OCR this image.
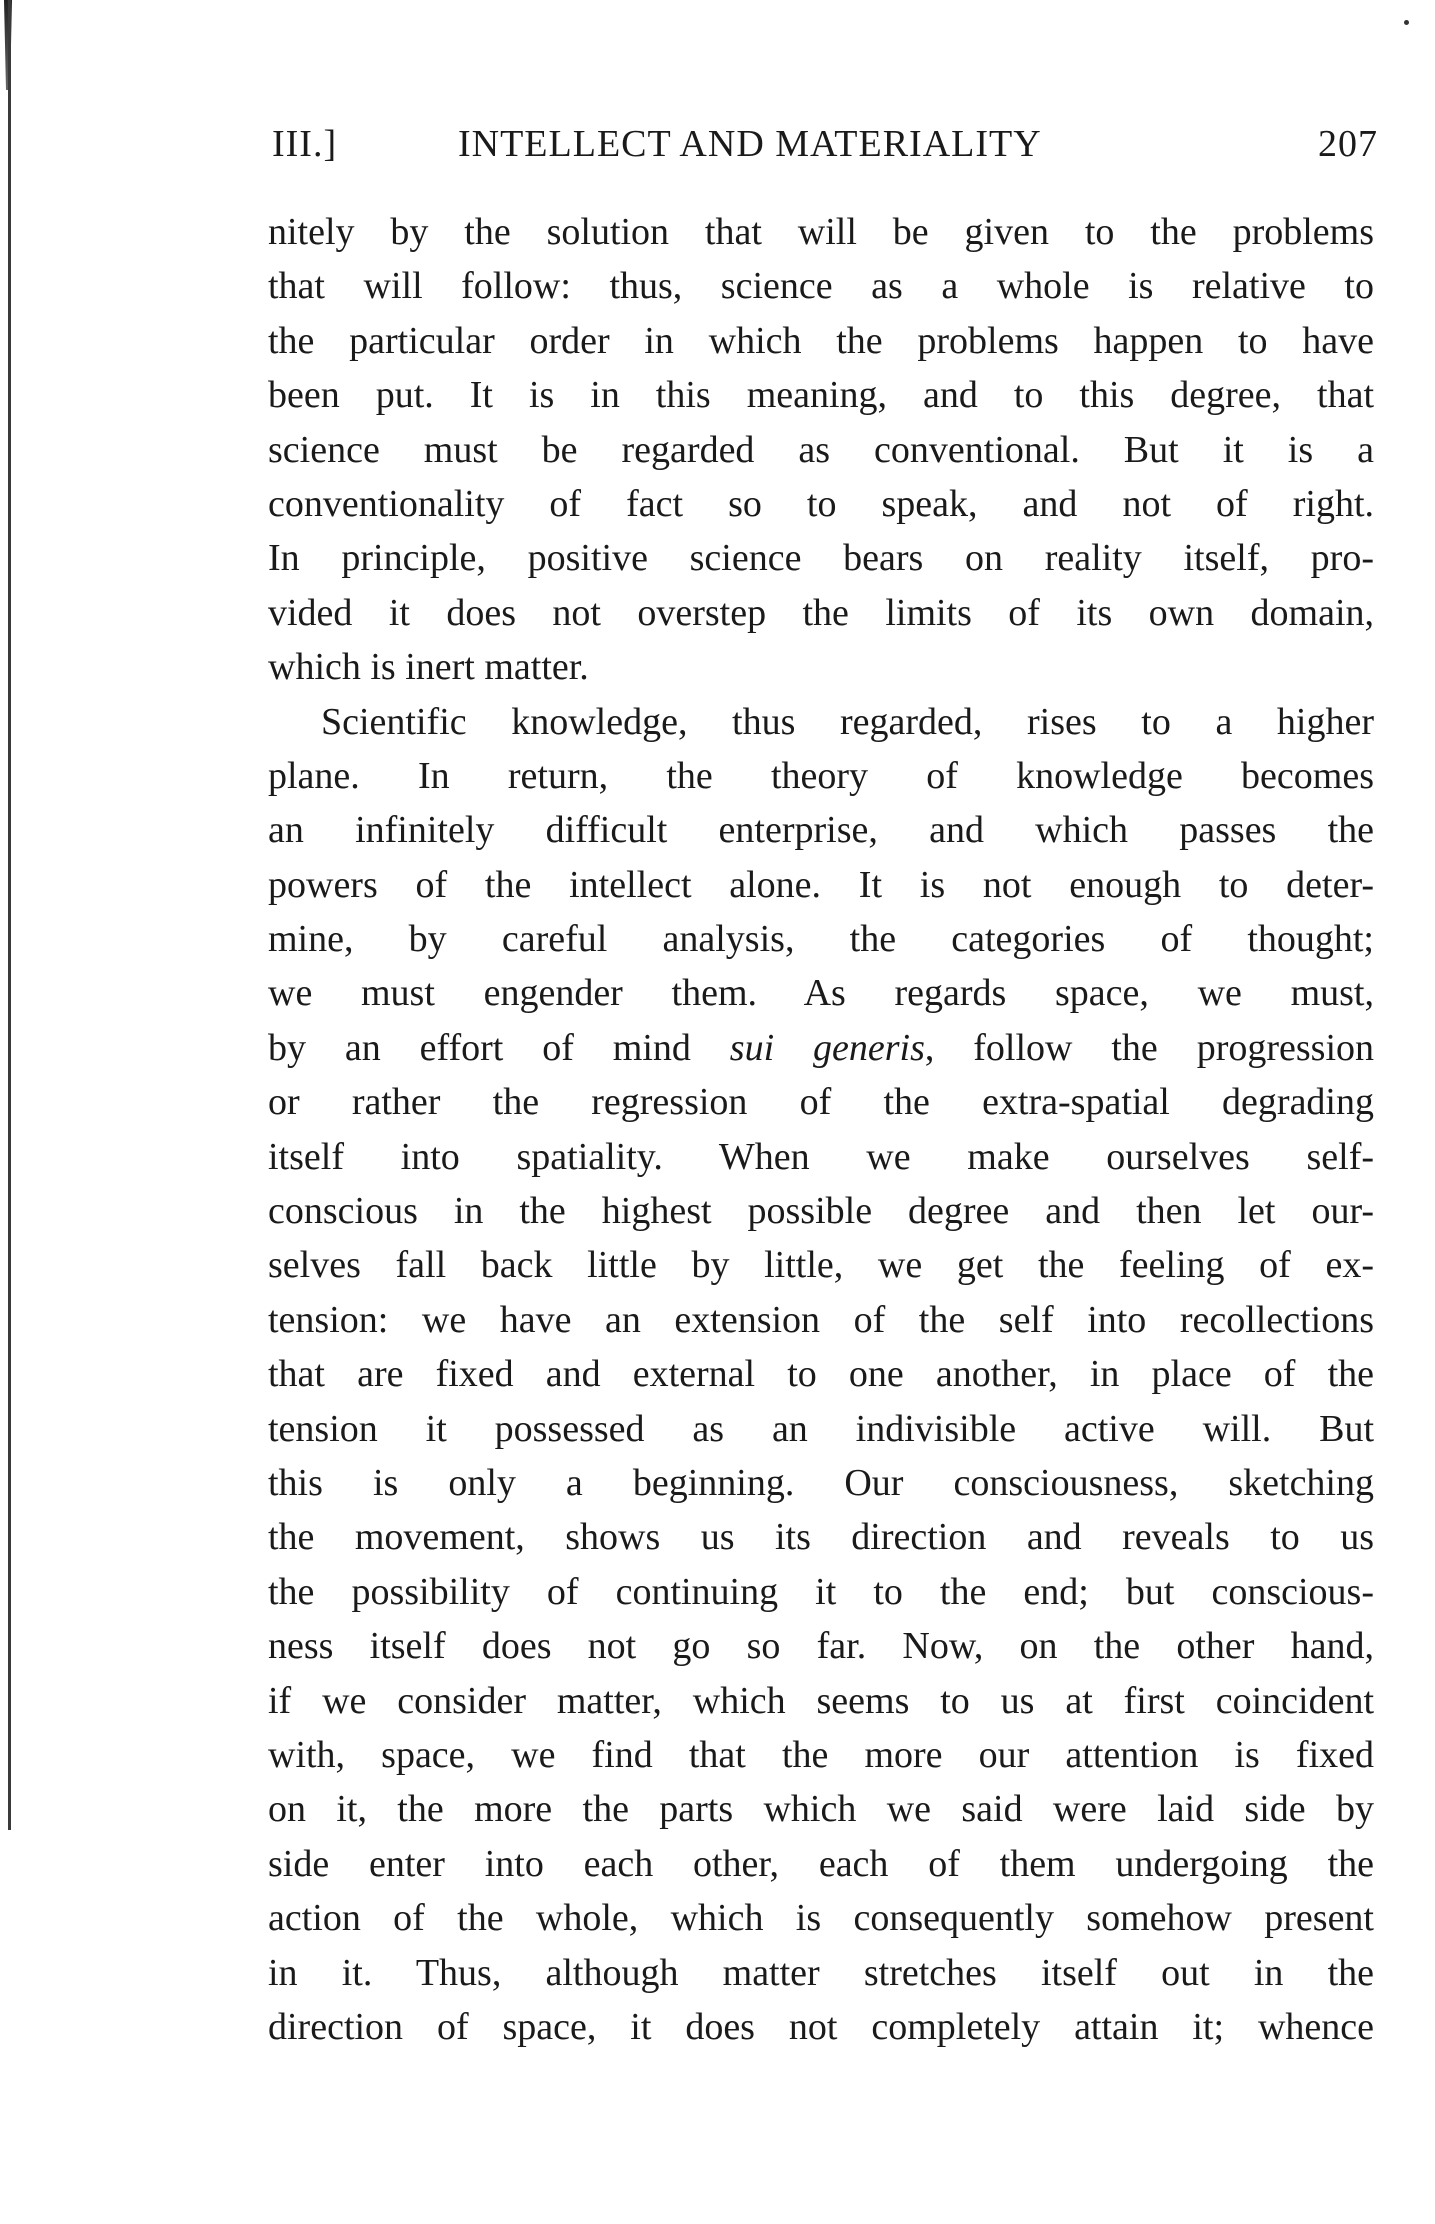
III.]	INTELLECT AND MATERIALITY	207
nitely by the solution that will be given to the problems
that will follow: thus, science as a whole is relative to
the particular order in which the problems happen to have
been put. It is in this meaning, and to this degree, that
science must be regarded as conventional. But it is a
conventionality of fact so to speak, and not of right.
In principle, positive science bears on reality itself, pro-
vided it does not overstep the limits of its own domain,
which is inert matter.
Scientific knowledge, thus regarded, rises to a higher
plane. In return, the theory of knowledge becomes
an infinitely difficult enterprise, and which passes the
powers of the intellect alone. It is not enough to deter-
mine, by careful analysis, the categories of thought;
we must engender them. As regards space, we must,
by an effort of mind sui generis, follow the progression
or rather the regression of the extra-spatial degrading
itself into spatiality. When we make ourselves self-
conscious in the highest possible degree and then let our-
selves fall back little by little, we get the feeling of ex-
tension: we have an extension of the self into recollections
that are fixed and external to one another, in place of the
tension it possessed as an indivisible active will. But
this is only a beginning. Our consciousness, sketching
the movement, shows us its direction and reveals to us
the possibility of continuing it to the end; but conscious-
ness itself does not go so far. Now, on the other hand,
if we consider matter, which seems to us at first coincident
with, space, we find that the more our attention is fixed
on it, the more the parts which we said were laid side by
side enter into each other, each of them undergoing the
action of the whole, which is consequently somehow present
in it. Thus, although matter stretches itself out in the
direction of space, it does not completely attain it; whence
